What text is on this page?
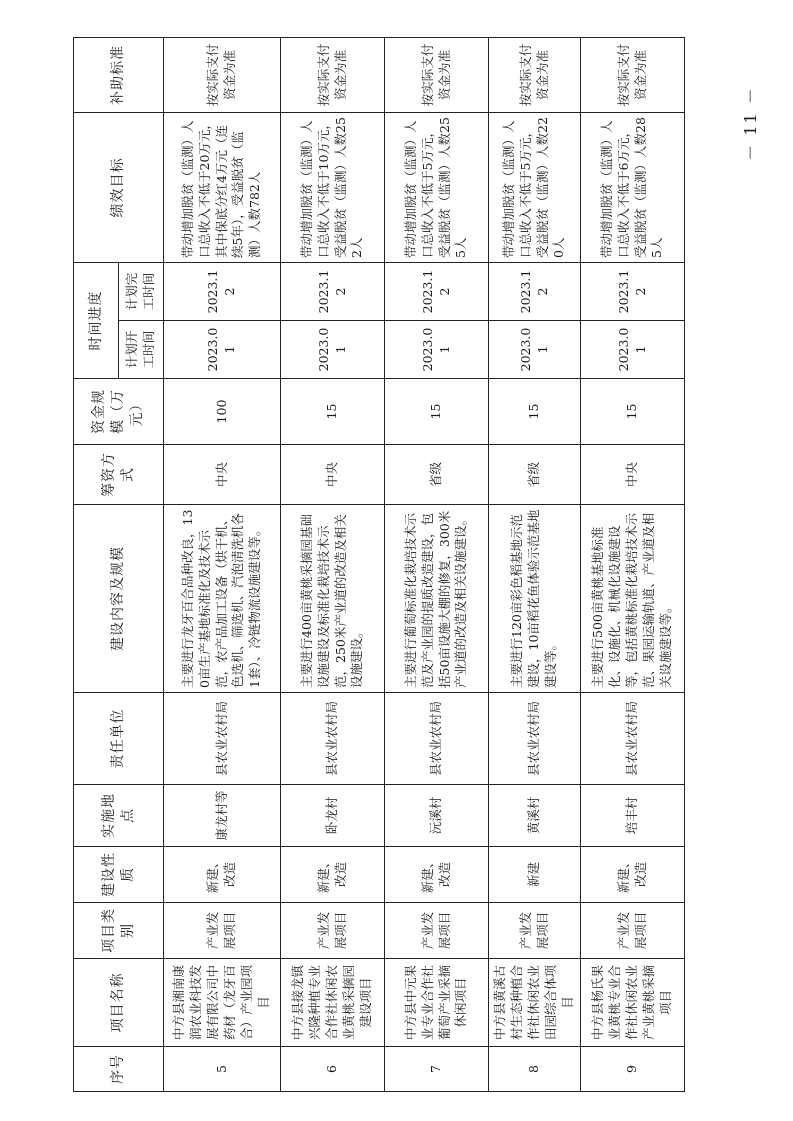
序号	项目名称	项目类别	建设性质	实施地点	责任单位	建设内容及规模	筹资方式	资金规模（万元）	时间进度		绩效目标	补助标准
									计划开工时间	计划完工时间		
5	中方县湘南康润农业科技发展有限公司中药材（龙牙百合）产业园项目	产业发展项目	新建、改造	康龙村等	县农业农村局	主要进行龙牙百合品种改良，130亩生产基地标准化及技术示范，农产品加工设备（烘干机、色选机、筛选机、汽泡清洗机各1套）、冷链物流设施建设等。	中央	100	2023.01	2023.12	带动增加脱贫（监测）人口总收入不低于20万元，其中保底分红4万元（连续5年），受益脱贫（监测）人数782人	按实际支付资金为准
6	中方县接龙镇兴隆种植专业合作社休闲农业黄桃采摘园建设项目	产业发展项目	新建、改造	卧龙村	县农业农村局	主要进行400亩黄桃采摘园基础设施建设及标准化栽培技术示范，250米产业道的改造及相关设施建设。	中央	15	2023.01	2023.12	带动增加脱贫（监测）人口总收入不低于10万元，受益脱贫（监测）人数252人	按实际支付资金为准
7	中方县中元果业专业合作社葡萄产业采摘休闲项目	产业发展项目	新建、改造	沅溪村	县农业农村局	主要进行葡萄标准化栽培技术示范及产业园的提质改造建设，包括50亩设施大棚的修复，300米产业道的改造及相关设施建设。	省级	15	2023.01	2023.12	带动增加脱贫（监测）人口总收入不低于5万元，受益脱贫（监测）人数255人	按实际支付资金为准
8	中方县黄溪古村生态种植合作社休闲农业田园综合体项目	产业发展项目	新建	黄溪村	县农业农村局	主要进行120亩彩色稻基地示范建设，10亩稻花鱼体验示范基地建设等。	省级	15	2023.01	2023.12	带动增加脱贫（监测）人口总收入不低于5万元，受益脱贫（监测）人数220人	按实际支付资金为准
9	中方县杨氏果业黄桃专业合作社休闲农业产业黄桃采摘项目	产业发展项目	新建、改造	培丰村	县农业农村局	主要进行500亩黄桃基地标准化、设施化、机械化设施建设等，包括黄桃标准化栽培技术示范、果园运输轨道、产业道及相关设施建设等。	中央	15	2023.01	2023.12	带动增加脱贫（监测）人口总收入不低于6万元，受益脱贫（监测）人数285人	按实际支付资金为准
－ 11 －
